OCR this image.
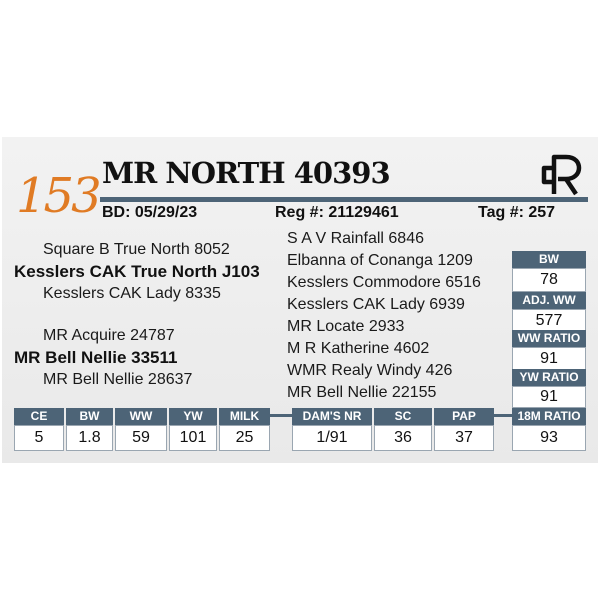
153 MR NORTH 40393
BD: 05/29/23	Reg #: 21129461	Tag #: 257
Square B True North 8052
Kesslers CAK True North J103
Kesslers CAK Lady 8335
MR Acquire 24787
MR Bell Nellie 33511
MR Bell Nellie 28637
S A V Rainfall 6846
Elbanna of Conanga 1209
Kesslers Commodore 6516
Kesslers CAK Lady 6939
MR Locate 2933
M R Katherine 4602
WMR Realy Windy 426
MR Bell Nellie 22155
BW
78
ADJ. WW
577
WW RATIO
91
YW RATIO
91
18M RATIO
93
CE	BW	WW	YW	MILK
5	1.8	59	101	25
DAM'S NR	SC	PAP
1/91	36	37
